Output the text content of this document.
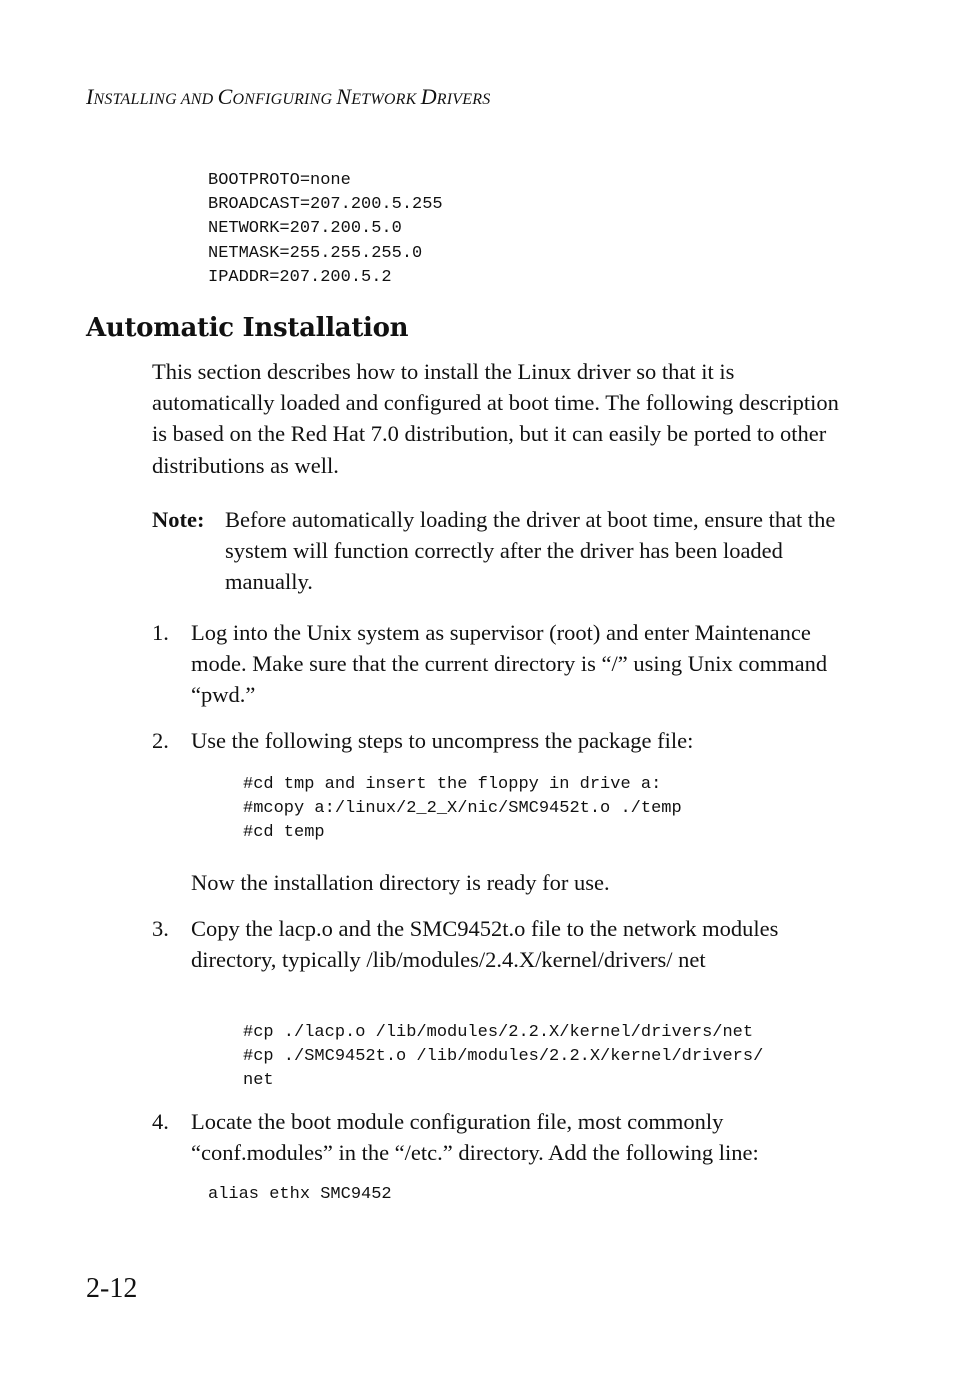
INSTALLING AND CONFIGURING NETWORK DRIVERS
BOOTPROTO=none
BROADCAST=207.200.5.255
NETWORK=207.200.5.0
NETMASK=255.255.255.0
IPADDR=207.200.5.2
Automatic Installation

This section describes how to install the Linux driver so that it is automatically loaded and configured at boot time. The following description is based on the Red Hat 7.0 distribution, but it can easily be ported to other distributions as well.

Note: Before automatically loading the driver at boot time, ensure that the system will function correctly after the driver has been loaded manually.

1. Log into the Unix system as supervisor (root) and enter Maintenance mode. Make sure that the current directory is “/” using Unix command “pwd.”

2. Use the following steps to uncompress the package file:

#cd tmp and insert the floppy in drive a:
#mcopy a:/linux/2_2_X/nic/SMC9452t.o ./temp
#cd temp

Now the installation directory is ready for use.

3. Copy the lacp.o and the SMC9452t.o file to the network modules directory, typically /lib/modules/2.4.X/kernel/drivers/ net

#cp ./lacp.o /lib/modules/2.2.X/kernel/drivers/net
#cp ./SMC9452t.o /lib/modules/2.2.X/kernel/drivers/
net
4. Locate the boot module configuration file, most commonly “conf.modules” in the “/etc.” directory. Add the following line:

alias ethx SMC9452
2-12
